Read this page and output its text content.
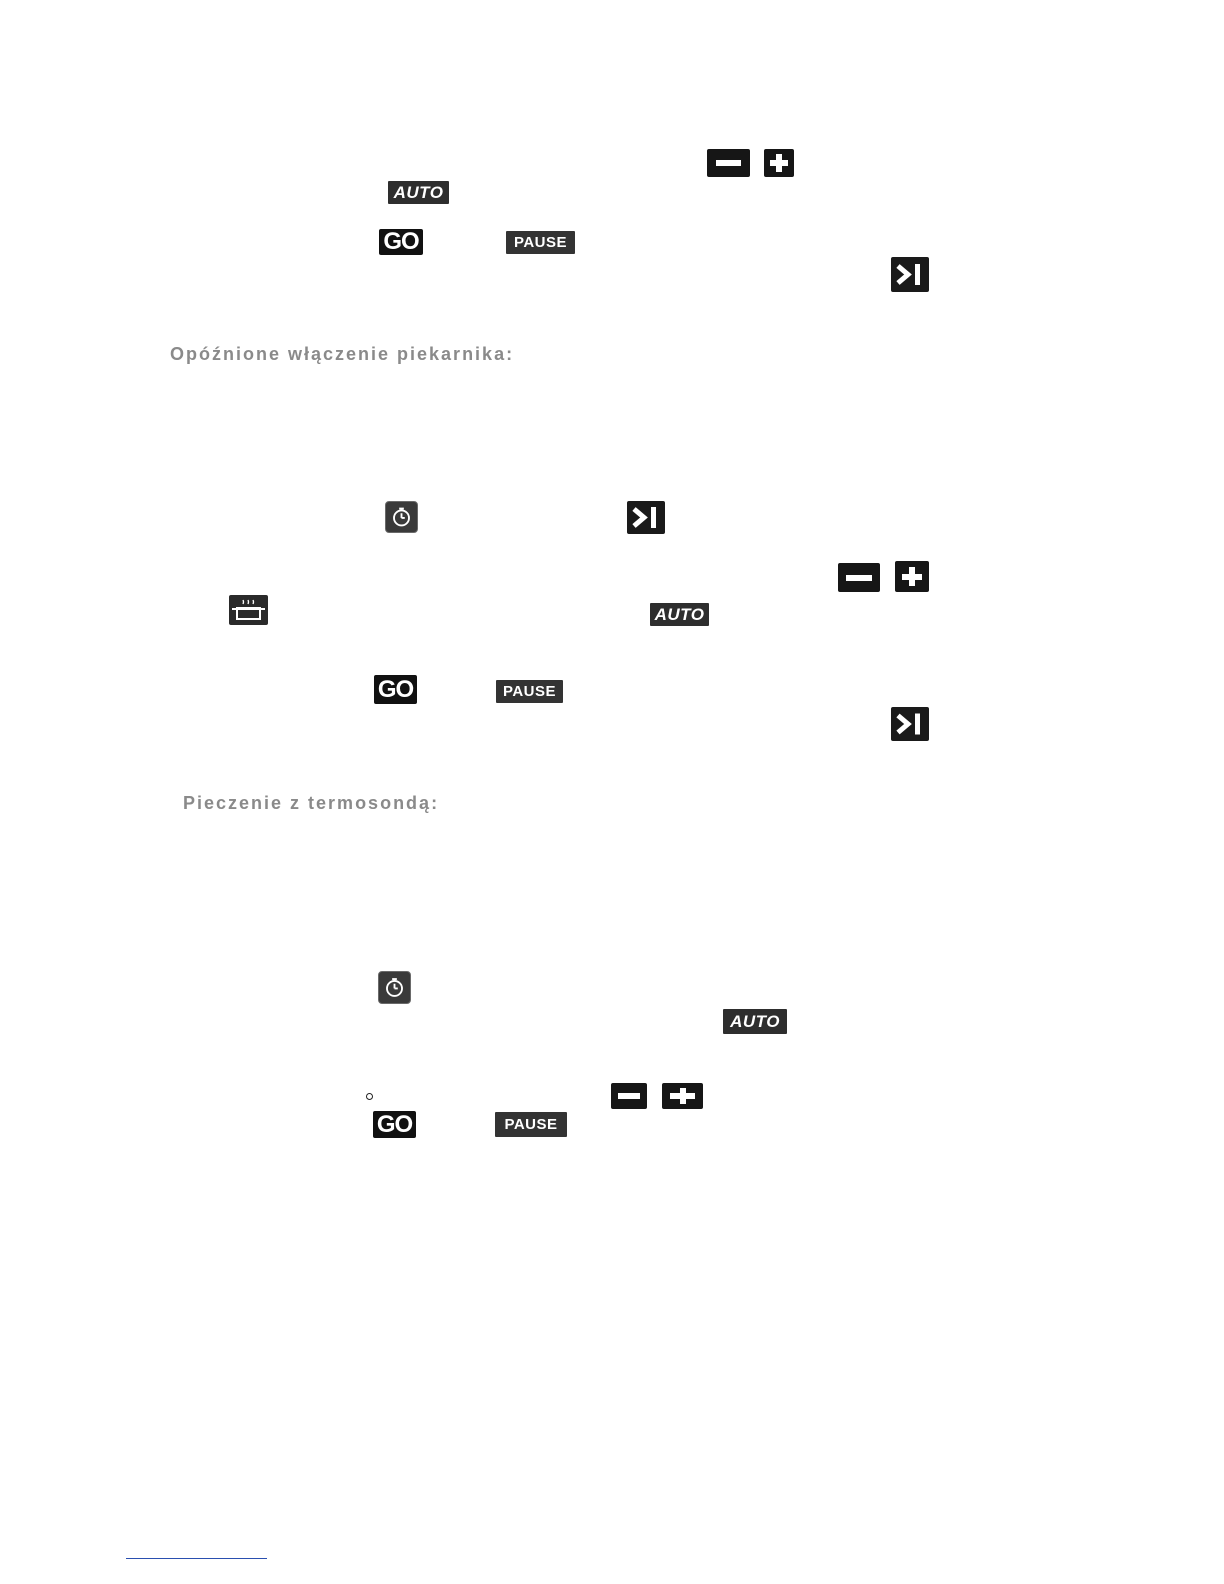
AUTO
GO	PAUSE
Opóźnione włączenie piekarnika:
AUTO
GO	PAUSE
Pieczenie z termosondą:
AUTO
GO	PAUSE
